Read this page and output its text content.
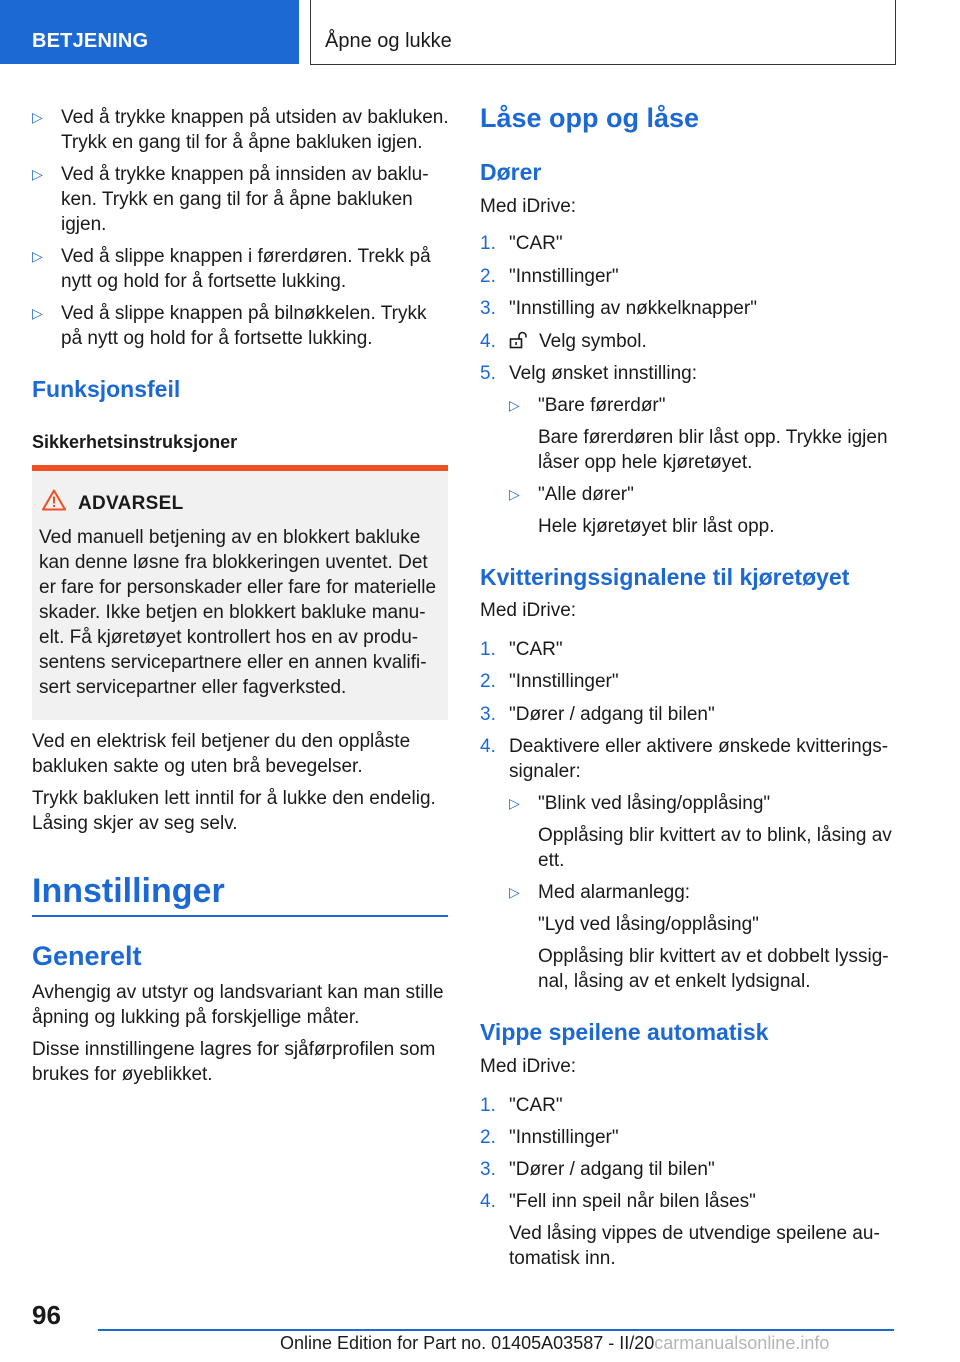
BETJENING	Åpne og lukke
▷ Ved å trykke knappen på utsiden av bakluken.
Trykk en gang til for å åpne bakluken igjen.
▷ Ved å trykke knappen på innsiden av baklu-
ken. Trykk en gang til for å åpne bakluken
igjen.
▷ Ved å slippe knappen i førerdøren. Trekk på
nytt og hold for å fortsette lukking.
▷ Ved å slippe knappen på bilnøkkelen. Trykk
på nytt og hold for å fortsette lukking.
Funksjonsfeil
Sikkerhetsinstruksjoner
ADVARSEL
Ved manuell betjening av en blokkert bakluke
kan denne løsne fra blokkeringen uventet. Det
er fare for personskader eller fare for materielle
skader. Ikke betjen en blokkert bakluke manu-
elt. Få kjøretøyet kontrollert hos en av produ-
sentens servicepartnere eller en annen kvalifi-
sert servicepartner eller fagverksted.
Ved en elektrisk feil betjener du den opplåste
bakluken sakte og uten brå bevegelser.
Trykk bakluken lett inntil for å lukke den endelig.
Låsing skjer av seg selv.
Innstillinger
Generelt
Avhengig av utstyr og landsvariant kan man stille
åpning og lukking på forskjellige måter.
Disse innstillingene lagres for sjåførprofilen som
brukes for øyeblikket.
Låse opp og låse
Dører
Med iDrive:
1. "CAR"
2. "Innstillinger"
3. "Innstilling av nøkkelknapper"
4.	Velg symbol.
5. Velg ønsket innstilling:
▷ "Bare førerdør"
Bare førerdøren blir låst opp. Trykke igjen
låser opp hele kjøretøyet.
▷ "Alle dører"
Hele kjøretøyet blir låst opp.
Kvitteringssignalene til kjøretøyet
Med iDrive:
1. "CAR"
2. "Innstillinger"
3. "Dører / adgang til bilen"
4. Deaktivere eller aktivere ønskede kvitterings-
signaler:
▷ "Blink ved låsing/opplåsing"
Opplåsing blir kvittert av to blink, låsing av
ett.
▷ Med alarmanlegg:
"Lyd ved låsing/opplåsing"
Opplåsing blir kvittert av et dobbelt lyssig-
nal, låsing av et enkelt lydsignal.
Vippe speilene automatisk
Med iDrive:
1. "CAR"
2. "Innstillinger"
3. "Dører / adgang til bilen"
4. "Fell inn speil når bilen låses"
Ved låsing vippes de utvendige speilene au-
tomatisk inn.
96
Online Edition for Part no. 01405A03587 - II/20carmanualsonline.info
